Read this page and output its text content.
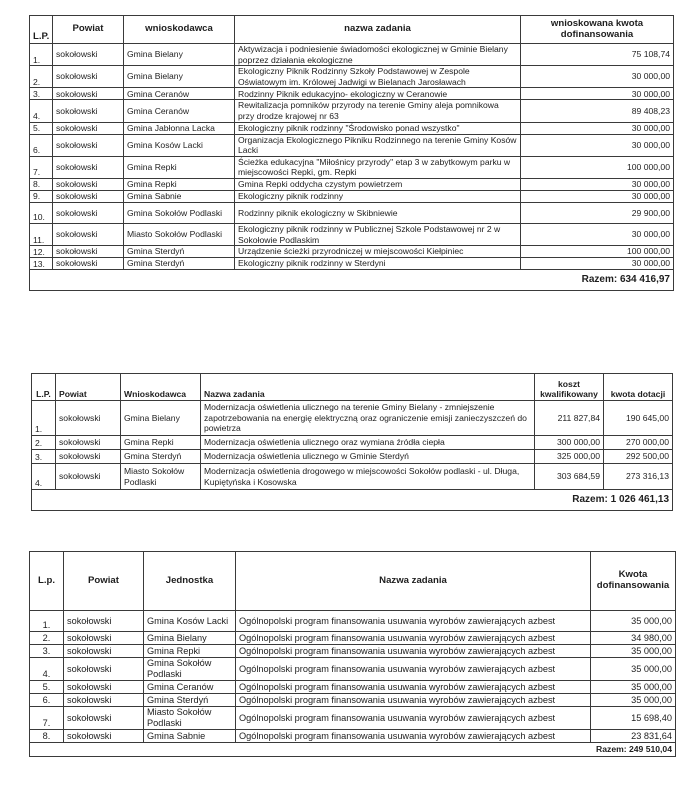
L.P.	Powiat	wnioskodawca	nazwa zadania	wnioskowana kwota dofinansowania
1.	sokołowski	Gmina Bielany	Aktywizacja i podniesienie świadomości ekologicznej w Gminie Bielany poprzez działania ekologiczne	75 108,74
2.	sokołowski	Gmina Bielany	Ekologiczny Piknik Rodzinny Szkoły Podstawowej w Zespole Oświatowym im. Królowej Jadwigi w Bielanach Jarosławach	30 000,00
3.	sokołowski	Gmina Ceranów	Rodzinny Piknik edukacyjno- ekologiczny w Ceranowie	30 000,00
4.	sokołowski	Gmina Ceranów	Rewitalizacja pomników przyrody na terenie Gminy aleja pomnikowa przy drodze krajowej nr 63	89 408,23
5.	sokołowski	Gmina Jabłonna Lacka	Ekologiczny piknik rodzinny "Środowisko ponad wszystko"	30 000,00
6.	sokołowski	Gmina Kosów Lacki	Organizacja Ekologicznego Pikniku Rodzinnego na terenie Gminy Kosów Lacki	30 000,00
7.	sokołowski	Gmina Repki	Ścieżka edukacyjna "Miłośnicy przyrody" etap 3 w zabytkowym parku w miejscowości Repki, gm. Repki	100 000,00
8.	sokołowski	Gmina Repki	Gmina Repki oddycha czystym powietrzem	30 000,00
9.	sokołowski	Gmina Sabnie	Ekologiczny piknik rodzinny	30 000,00
10.	sokołowski	Gmina Sokołów Podlaski	Rodzinny piknik ekologiczny w Skibniewie	29 900,00
11.	sokołowski	Miasto Sokołów Podlaski	Ekologiczny piknik rodzinny w Publicznej Szkole Podstawowej nr 2 w Sokołowie Podlaskim	30 000,00
12.	sokołowski	Gmina Sterdyń	Urządzenie ścieżki przyrodniczej w miejscowości Kiełpiniec	100 000,00
13.	sokołowski	Gmina Sterdyń	Ekologiczny piknik rodzinny w Sterdyni	30 000,00
Razem: 634 416,97				
L.P.	Powiat	Wnioskodawca	Nazwa zadania	koszt kwalifikowany	kwota dotacji
1.	sokołowski	Gmina Bielany	Modernizacja oświetlenia ulicznego na terenie Gminy Bielany - zmniejszenie zapotrzebowania na energię elektryczną oraz ograniczenie emisji zanieczyszczeń do powietrza	211 827,84	190 645,00
2.	sokołowski	Gmina Repki	Modernizacja oświetlenia ulicznego oraz wymiana źródła ciepła	300 000,00	270 000,00
3.	sokołowski	Gmina Sterdyń	Modernizacja oświetlenia ulicznego w Gminie Sterdyń	325 000,00	292 500,00
4.	sokołowski	Miasto Sokołów Podlaski	Modernizacja oświetlenia drogowego w miejscowości Sokołów podlaski - ul. Długa, Kupiętyńska i Kosowska	303 684,59	273 316,13
Razem: 1 026 461,13					
L.p.	Powiat	Jednostka	Nazwa zadania	Kwota dofinansowania
1.	sokołowski	Gmina Kosów Lacki	Ogólnopolski program finansowania usuwania wyrobów zawierających azbest	35 000,00
2.	sokołowski	Gmina Bielany	Ogólnopolski program finansowania usuwania wyrobów zawierających azbest	34 980,00
3.	sokołowski	Gmina Repki	Ogólnopolski program finansowania usuwania wyrobów zawierających azbest	35 000,00
4.	sokołowski	Gmina Sokołów Podlaski	Ogólnopolski program finansowania usuwania wyrobów zawierających azbest	35 000,00
5.	sokołowski	Gmina Ceranów	Ogólnopolski program finansowania usuwania wyrobów zawierających azbest	35 000,00
6.	sokołowski	Gmina Sterdyń	Ogólnopolski program finansowania usuwania wyrobów zawierających azbest	35 000,00
7.	sokołowski	Miasto Sokołów Podlaski	Ogólnopolski program finansowania usuwania wyrobów zawierających azbest	15 698,40
8.	sokołowski	Gmina Sabnie	Ogólnopolski program finansowania usuwania wyrobów zawierających azbest	23 831,64
Razem: 249 510,04				
